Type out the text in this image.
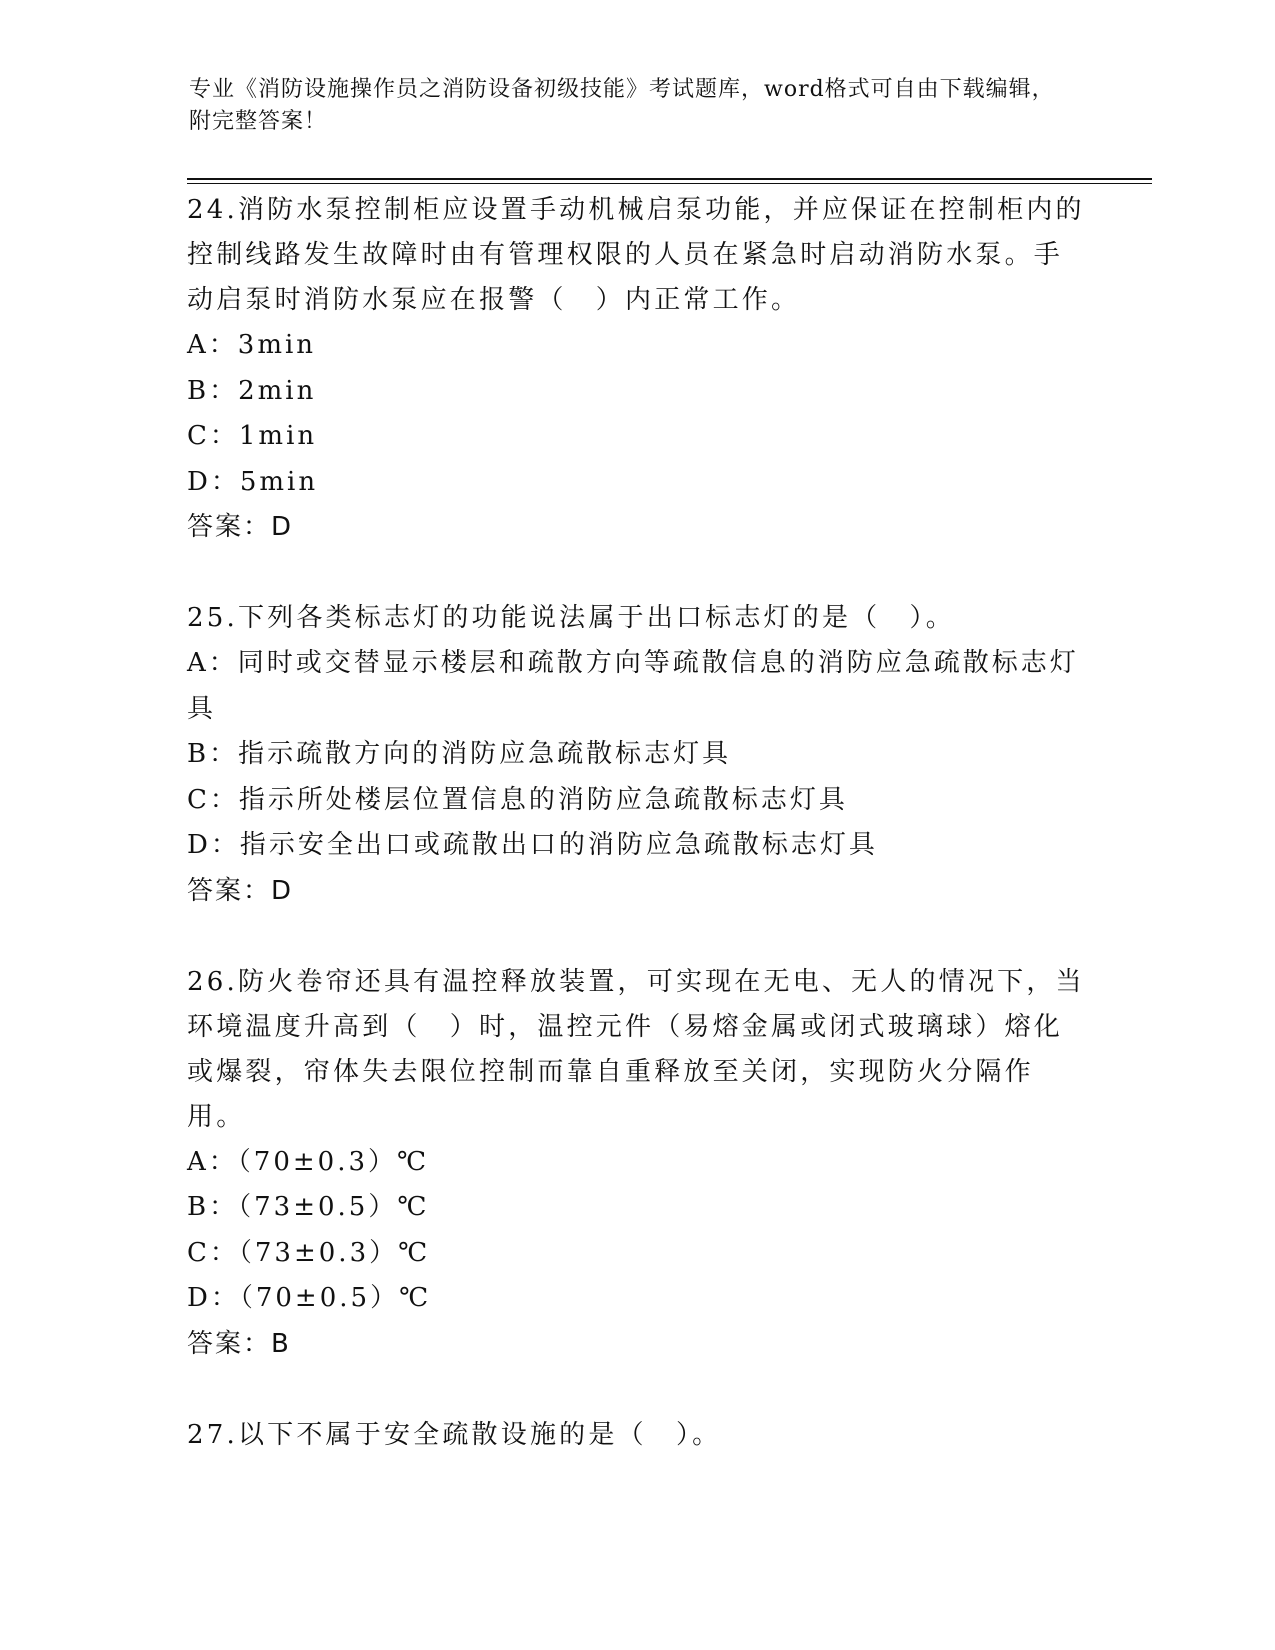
专业《消防设施操作员之消防设备初级技能》考试题库，word格式可自由下载编辑，附完整答案！

24.消防水泵控制柜应设置手动机械启泵功能，并应保证在控制柜内的控制线路发生故障时由有管理权限的人员在紧急时启动消防水泵。手动启泵时消防水泵应在报警（　）内正常工作。

A：3min

B：2min

C：1min

D：5min

答案：D

25.下列各类标志灯的功能说法属于出口标志灯的是（　）。

A：同时或交替显示楼层和疏散方向等疏散信息的消防应急疏散标志灯具

B：指示疏散方向的消防应急疏散标志灯具

C：指示所处楼层位置信息的消防应急疏散标志灯具

D：指示安全出口或疏散出口的消防应急疏散标志灯具

答案：D

26.防火卷帘还具有温控释放装置，可实现在无电、无人的情况下，当环境温度升高到（　）时，温控元件（易熔金属或闭式玻璃球）熔化或爆裂，帘体失去限位控制而靠自重释放至关闭，实现防火分隔作用。

A：（70±0.3）℃

B：（73±0.5）℃

C：（73±0.3）℃

D：（70±0.5）℃

答案：B

27.以下不属于安全疏散设施的是（　）。
